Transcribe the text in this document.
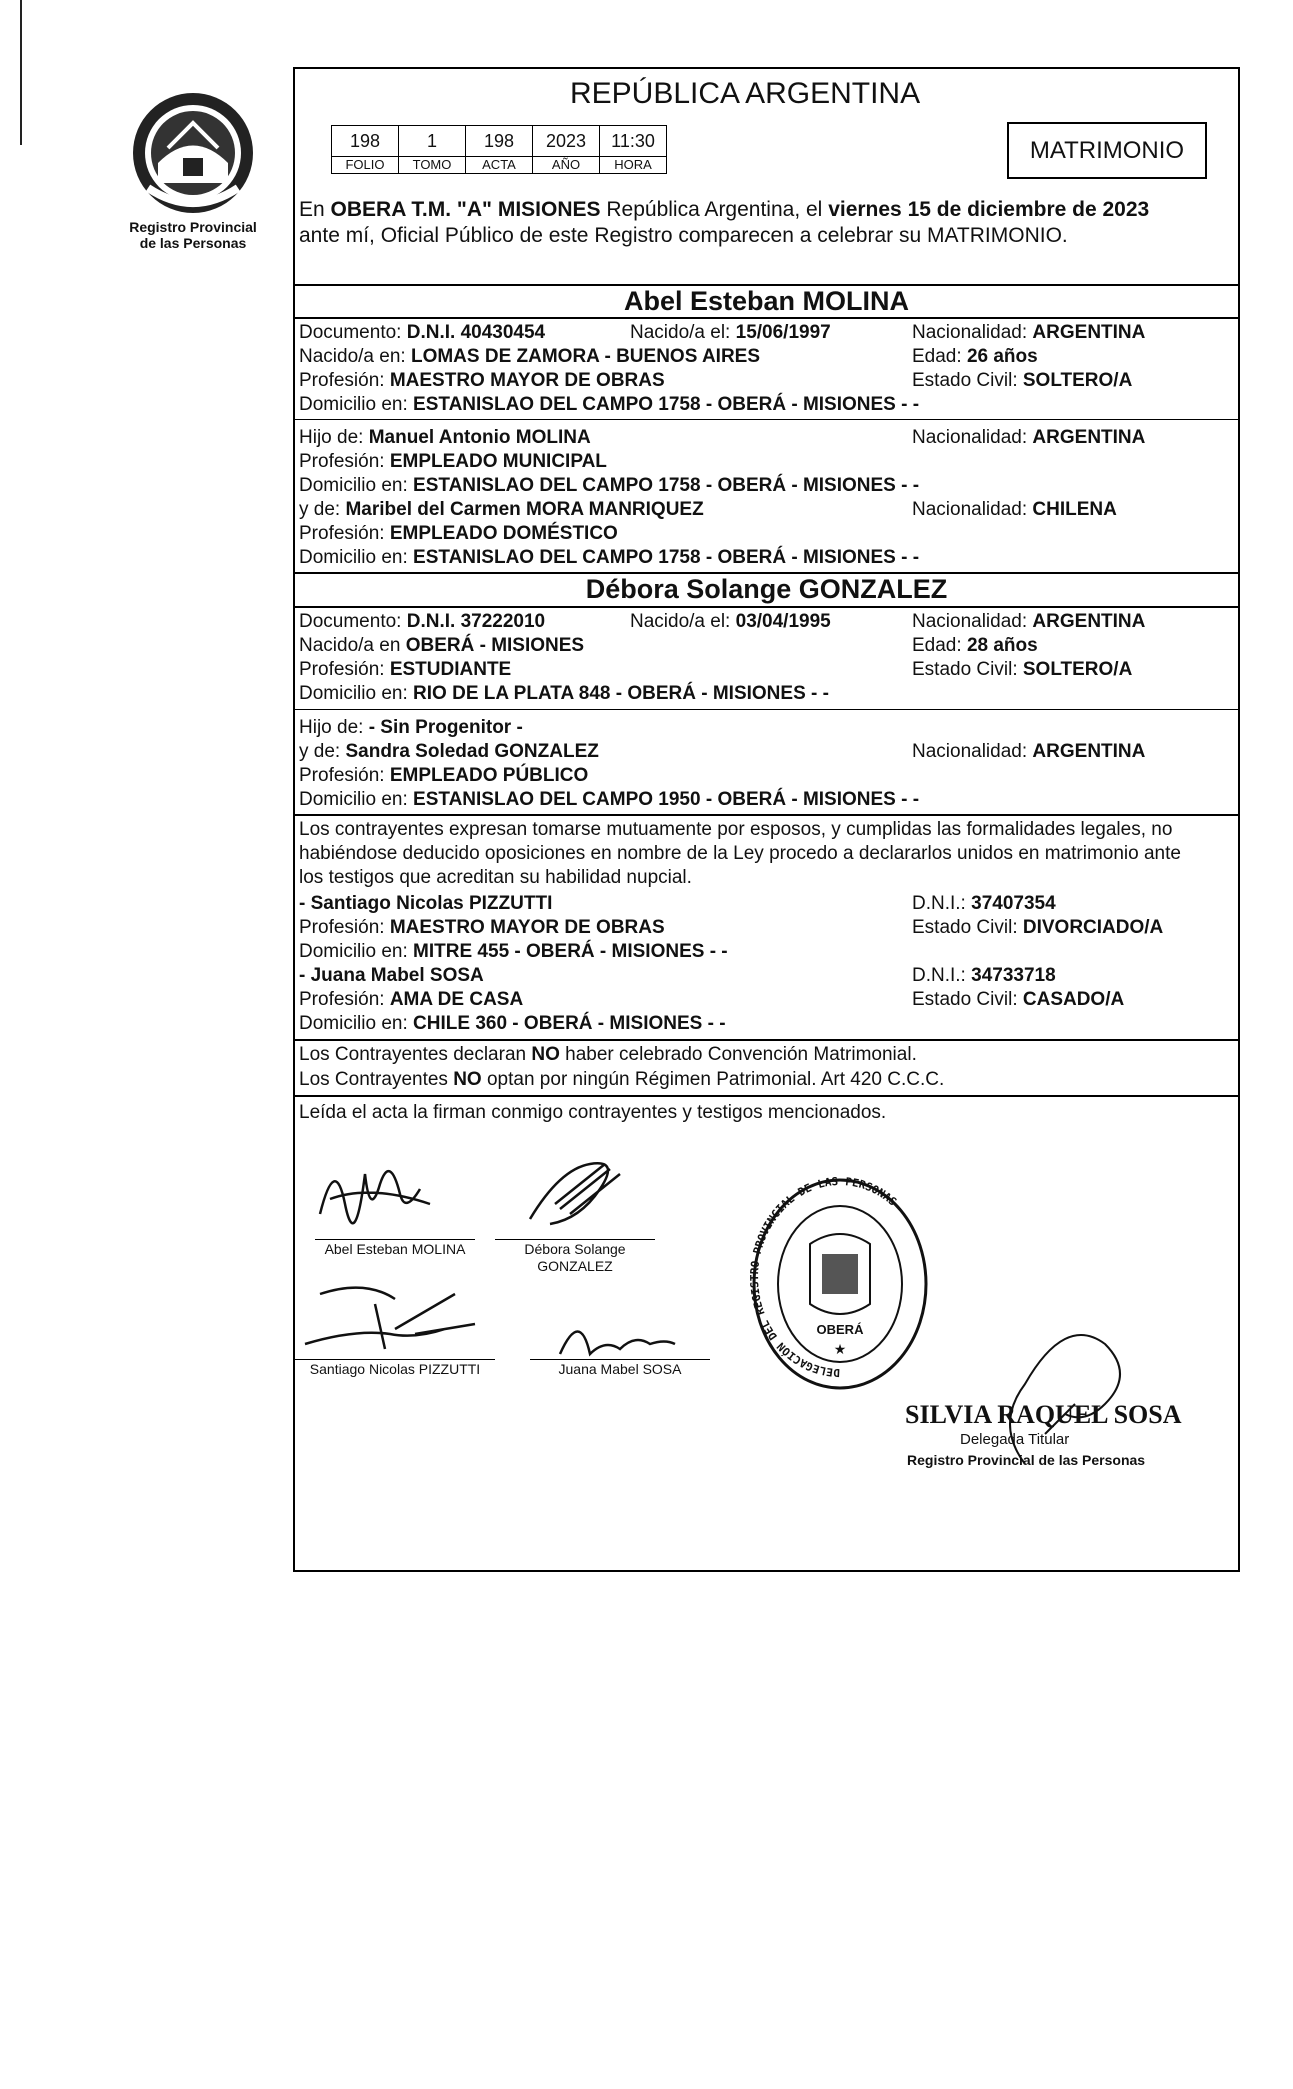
Registro Provincial
de las Personas
REPÚBLICA ARGENTINA
198	1	198	2023	11:30
FOLIO	TOMO	ACTA	AÑO	HORA
MATRIMONIO
En OBERA T.M. "A" MISIONES República Argentina, el viernes 15 de diciembre de 2023
ante mí, Oficial Público de este Registro comparecen a celebrar su MATRIMONIO.
Abel Esteban MOLINA
Documento: D.N.I. 40430454	Nacido/a el: 15/06/1997	Nacionalidad: ARGENTINA
Nacido/a en: LOMAS DE ZAMORA - BUENOS AIRES	Edad: 26 años
Profesión: MAESTRO MAYOR DE OBRAS	Estado Civil: SOLTERO/A
Domicilio en: ESTANISLAO DEL CAMPO 1758 - OBERÁ - MISIONES - -
Hijo de: Manuel Antonio MOLINA	Nacionalidad: ARGENTINA
Profesión: EMPLEADO MUNICIPAL
Domicilio en: ESTANISLAO DEL CAMPO 1758 - OBERÁ - MISIONES - -
y de: Maribel del Carmen MORA MANRIQUEZ	Nacionalidad: CHILENA
Profesión: EMPLEADO DOMÉSTICO
Domicilio en: ESTANISLAO DEL CAMPO 1758 - OBERÁ - MISIONES - -
Débora Solange GONZALEZ
Documento: D.N.I. 37222010	Nacido/a el: 03/04/1995	Nacionalidad: ARGENTINA
Nacido/a en OBERÁ - MISIONES	Edad: 28 años
Profesión: ESTUDIANTE	Estado Civil: SOLTERO/A
Domicilio en: RIO DE LA PLATA 848 - OBERÁ - MISIONES - -
Hijo de: - Sin Progenitor -
y de: Sandra Soledad GONZALEZ	Nacionalidad: ARGENTINA
Profesión: EMPLEADO PÚBLICO
Domicilio en: ESTANISLAO DEL CAMPO 1950 - OBERÁ - MISIONES - -
Los contrayentes expresan tomarse mutuamente por esposos, y cumplidas las formalidades legales, no
habiéndose deducido oposiciones en nombre de la Ley procedo a declararlos unidos en matrimonio ante
los testigos que acreditan su habilidad nupcial.
- Santiago Nicolas PIZZUTTI	D.N.I.: 37407354
Profesión: MAESTRO MAYOR DE OBRAS	Estado Civil: DIVORCIADO/A
Domicilio en: MITRE 455 - OBERÁ - MISIONES - -
- Juana Mabel SOSA	D.N.I.: 34733718
Profesión: AMA DE CASA	Estado Civil: CASADO/A
Domicilio en: CHILE 360 - OBERÁ - MISIONES - -
Los Contrayentes declaran NO haber celebrado Convención Matrimonial.
Los Contrayentes NO optan por ningún Régimen Patrimonial. Art 420 C.C.C.
Leída el acta la firman conmigo contrayentes y testigos mencionados.
Abel Esteban MOLINA	Débora Solange
GONZALEZ
Santiago Nicolas PIZZUTTI	Juana Mabel SOSA	DELEGACIÓN DEL REGI PROVINCIAL DE LAS PERSONAS
OBERÁ
★
SILVIA RAQUEL SOSA
Delegada Titular
Registro Provincial de las Personas
